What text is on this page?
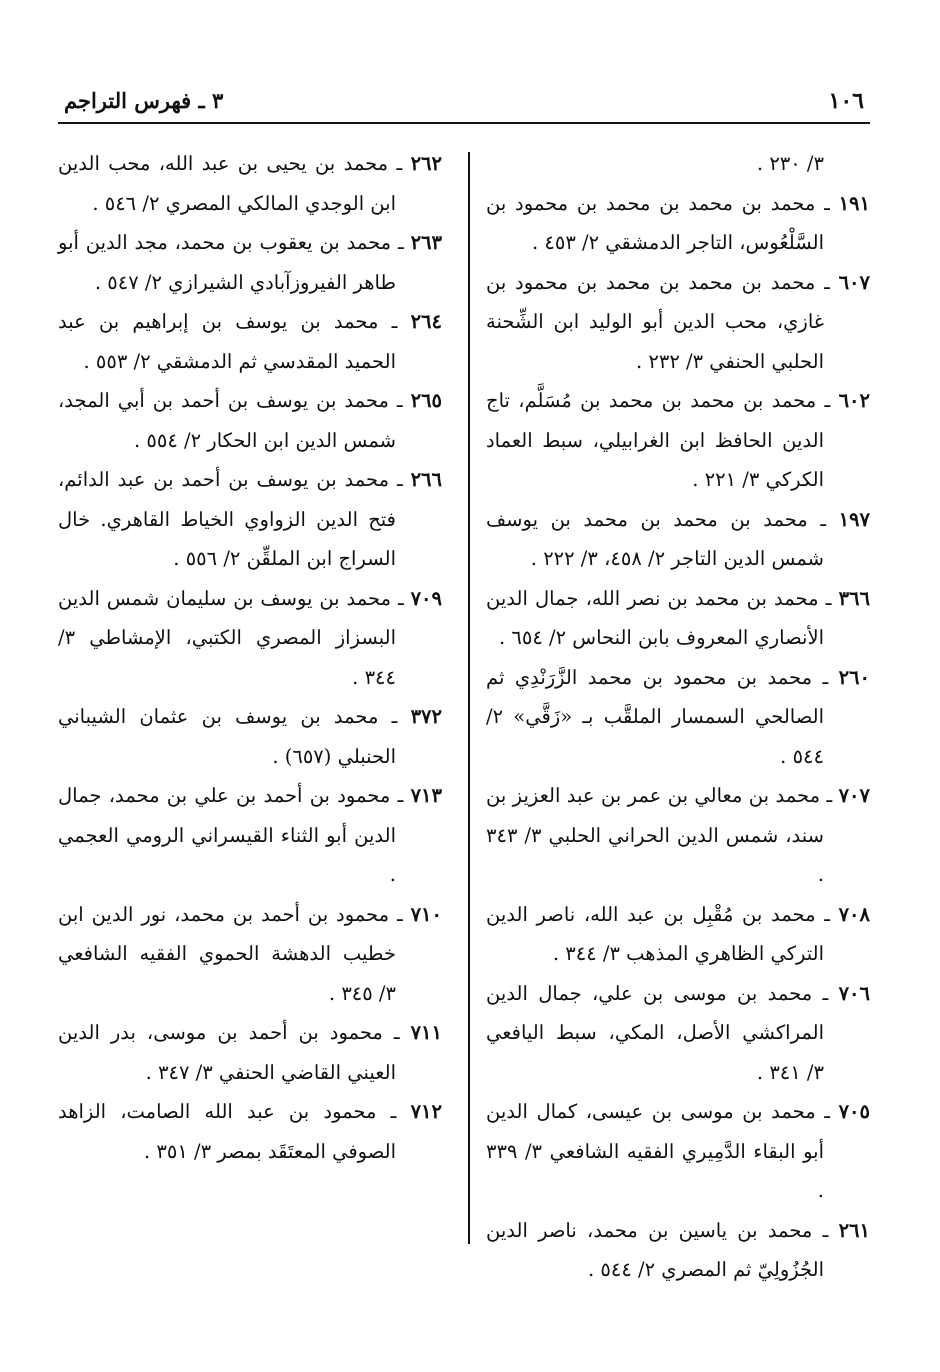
١٠٦
٣ ـ فهرس التراجم

٣/ ٢٣٠ .

١٩١ ـ محمد بن محمد بن محمد بن محمود بن السَّلْعُوس، التاجر الدمشقي ٢/ ٤٥٣ .

٦٠٧ ـ محمد بن محمد بن محمد بن محمود بن غازي، محب الدين أبو الوليد ابن الشِّحنة الحلبي الحنفي ٣/ ٢٣٢ .

٦٠٢ ـ محمد بن محمد بن محمد بن مُسَلَّم، تاج الدين الحافظ ابن الغرابيلي، سبط العماد الكركي ٣/ ٢٢١ .

١٩٧ ـ محمد بن محمد بن محمد بن يوسف شمس الدين التاجر ٢/ ٤٥٨، ٣/ ٢٢٢ .

٣٦٦ ـ محمد بن محمد بن نصر الله، جمال الدين الأنصاري المعروف بابن النحاس ٢/ ٦٥٤ .

٢٦٠ ـ محمد بن محمود بن محمد الزَّرَنْدِي ثم الصالحي السمسار الملقَّب بـ «زَقَّي» ٢/ ٥٤٤ .

٧٠٧ ـ محمد بن معالي بن عمر بن عبد العزيز بن سند، شمس الدين الحراني الحلبي ٣/ ٣٤٣ .

٧٠٨ ـ محمد بن مُقْبِل بن عبد الله، ناصر الدين التركي الظاهري المذهب ٣/ ٣٤٤ .

٧٠٦ ـ محمد بن موسى بن علي، جمال الدين المراكشي الأصل، المكي، سبط اليافعي ٣/ ٣٤١ .

٧٠٥ ـ محمد بن موسى بن عيسى، كمال الدين أبو البقاء الدَّمِيري الفقيه الشافعي ٣/ ٣٣٩ .

٢٦١ ـ محمد بن ياسين بن محمد، ناصر الدين الجُزُولِيّ ثم المصري ٢/ ٥٤٤ .

٢٦٢ ـ محمد بن يحيى بن عبد الله، محب الدين ابن الوجدي المالكي المصري ٢/ ٥٤٦ .

٢٦٣ ـ محمد بن يعقوب بن محمد، مجد الدين أبو طاهر الفيروزآبادي الشيرازي ٢/ ٥٤٧ .

٢٦٤ ـ محمد بن يوسف بن إبراهيم بن عبد الحميد المقدسي ثم الدمشقي ٢/ ٥٥٣ .

٢٦٥ ـ محمد بن يوسف بن أحمد بن أبي المجد، شمس الدين ابن الحكار ٢/ ٥٥٤ .

٢٦٦ ـ محمد بن يوسف بن أحمد بن عبد الدائم، فتح الدين الزواوي الخياط القاهري. خال السراج ابن الملقِّن ٢/ ٥٥٦ .

٧٠٩ ـ محمد بن يوسف بن سليمان شمس الدين البسزاز المصري الكتبي، الإمشاطي ٣/ ٣٤٤ .

٣٧٢ ـ محمد بن يوسف بن عثمان الشيباني الحنبلي (٦٥٧) .

٧١٣ ـ محمود بن أحمد بن علي بن محمد، جمال الدين أبو الثناء القيسراني الرومي العجمي .

٧١٠ ـ محمود بن أحمد بن محمد، نور الدين ابن خطيب الدهشة الحموي الفقيه الشافعي ٣/ ٣٤٥ .

٧١١ ـ محمود بن أحمد بن موسى، بدر الدين العيني القاضي الحنفي ٣/ ٣٤٧ .

٧١٢ ـ محمود بن عبد الله الصامت، الزاهد الصوفي المعتَقَد بمصر ٣/ ٣٥١ .
